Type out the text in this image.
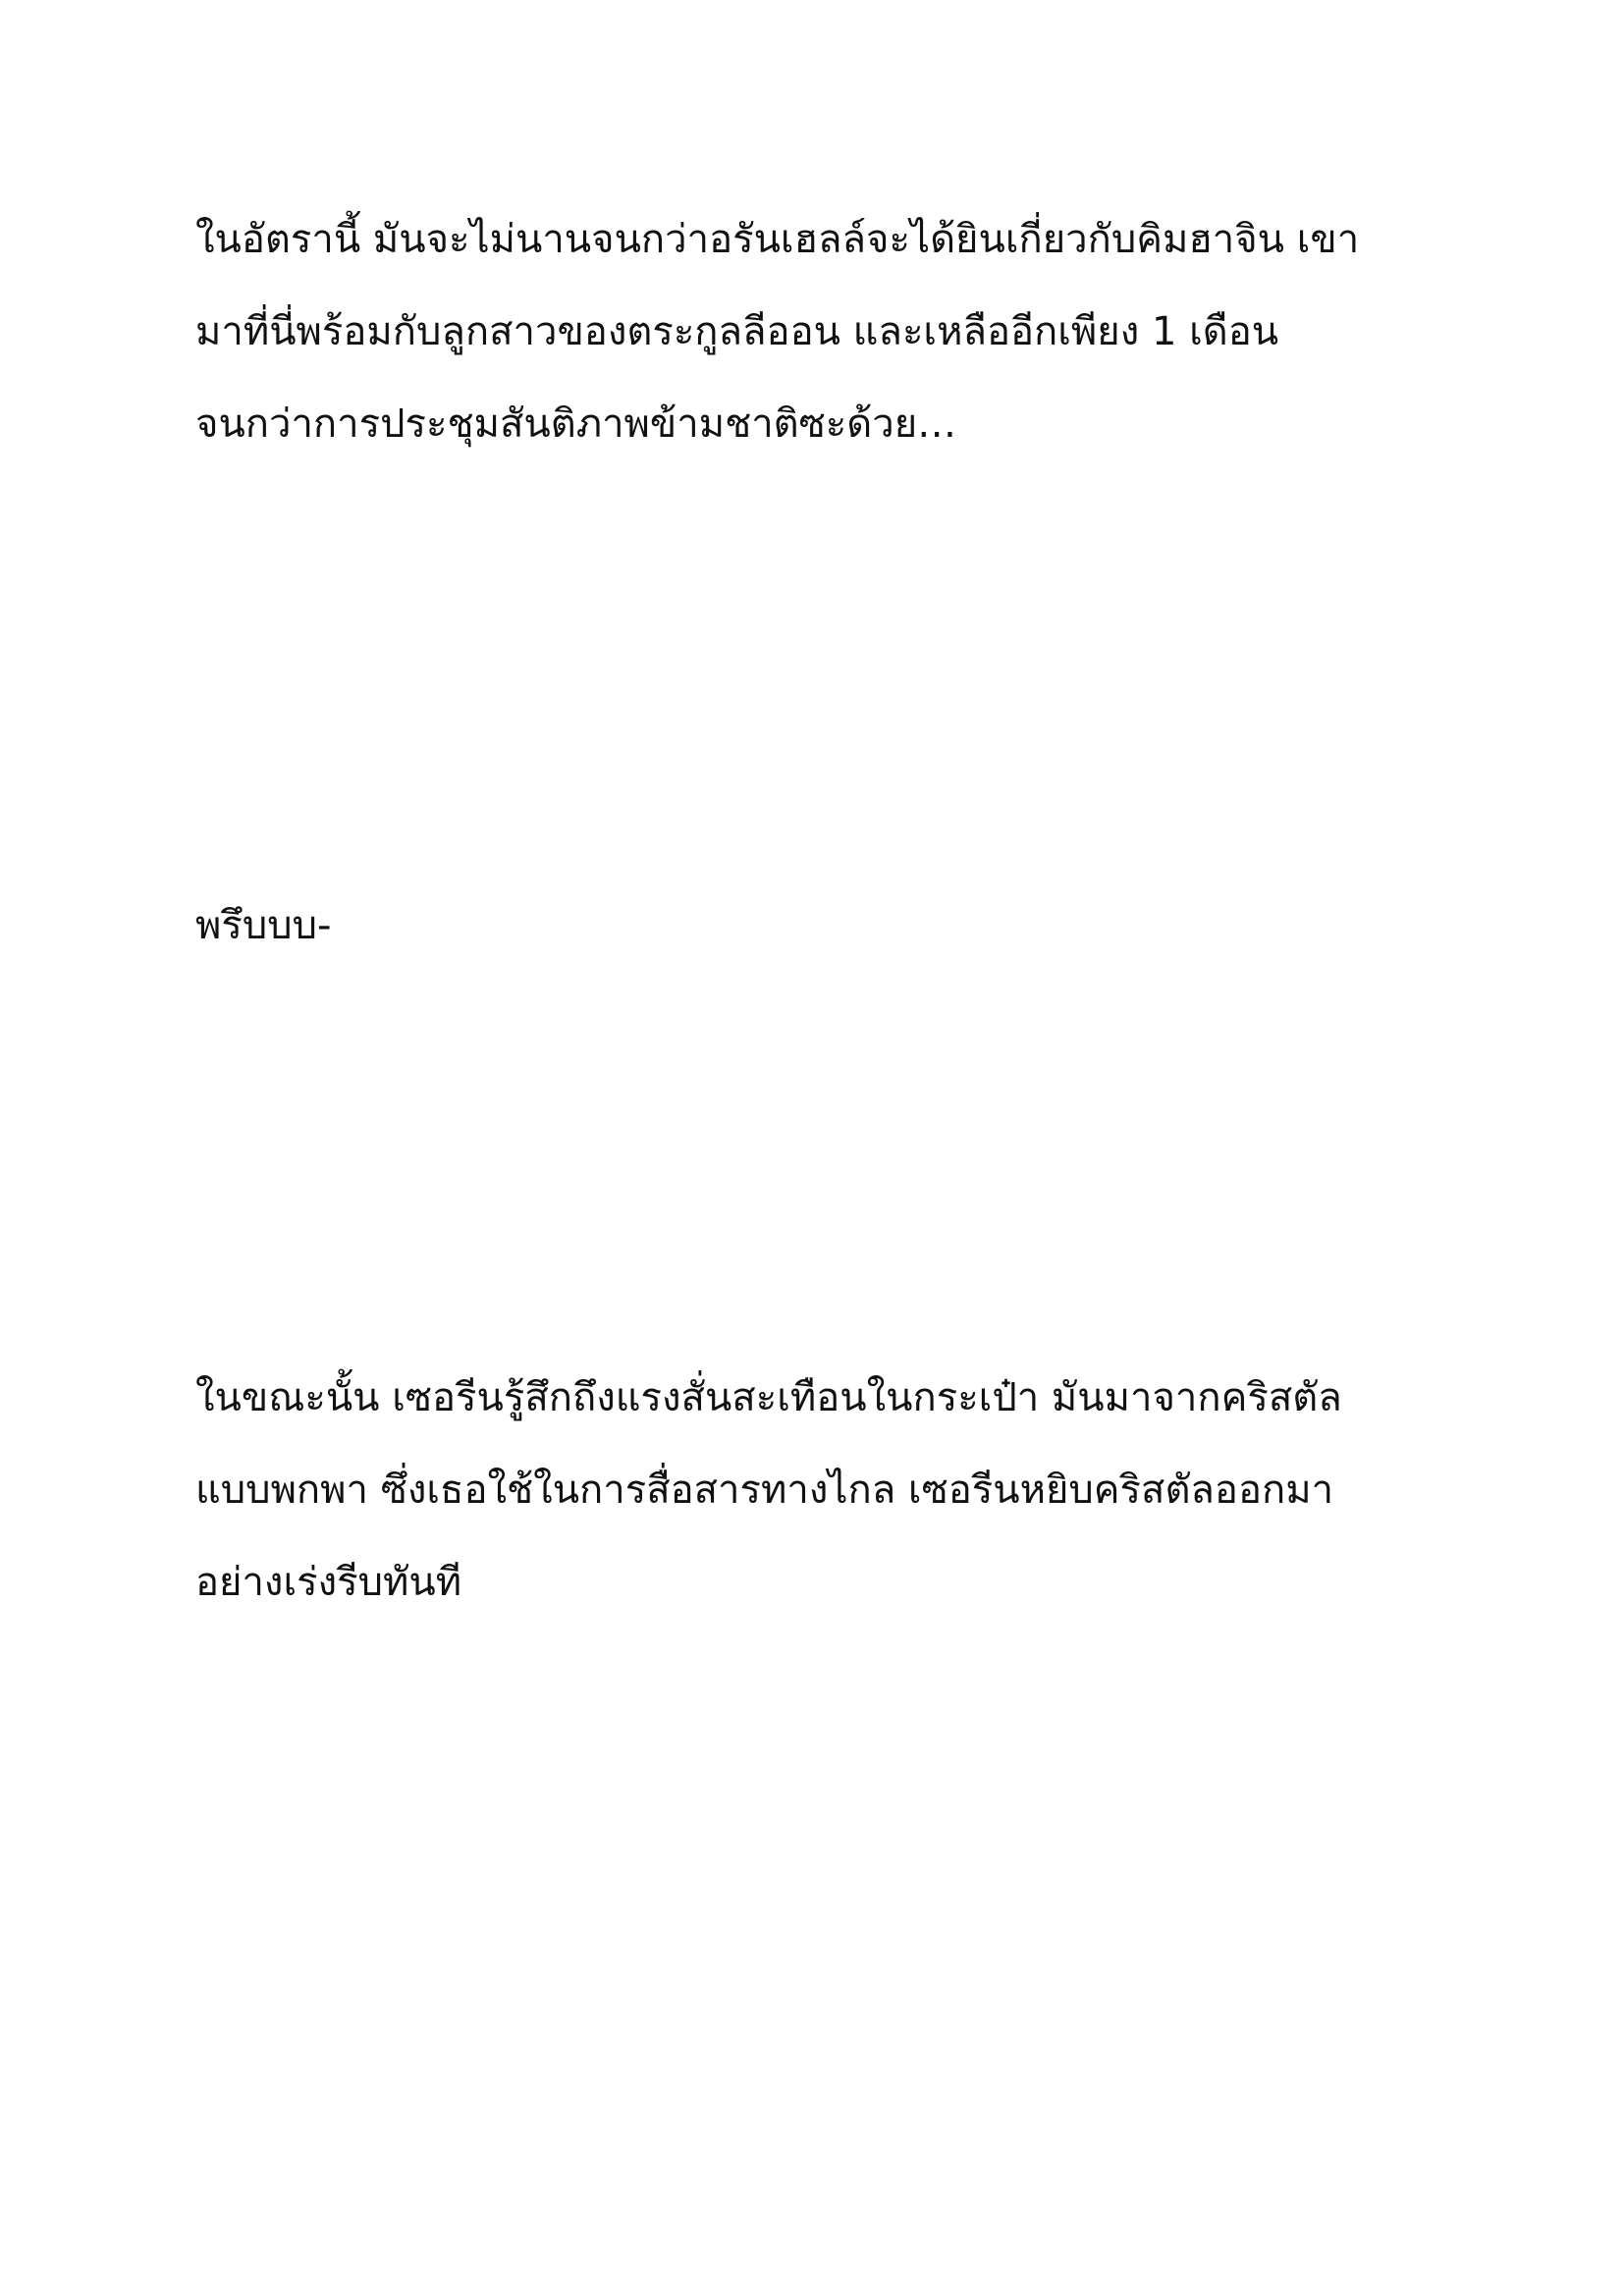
ในอัตรานี้ มันจะไม่นานจนกว่าอรันเฮลล์จะได้ยินเกี่ยวกับคิมฮาจิน เขา
มาที่นี่พร้อมกับลูกสาวของตระกูลลีออน และเหลืออีกเพียง 1 เดือน
จนกว่าการประชุมสันติภาพข้ามชาติซะด้วย…

พรึบบบ-

ในขณะนั้น เซอรีนรู้สึกถึงแรงสั่นสะเทือนในกระเป๋า มันมาจากคริสตัล
แบบพกพา ซึ่งเธอใช้ในการสื่อสารทางไกล เซอรีนหยิบคริสตัลออกมา
อย่างเร่งรีบทันที
